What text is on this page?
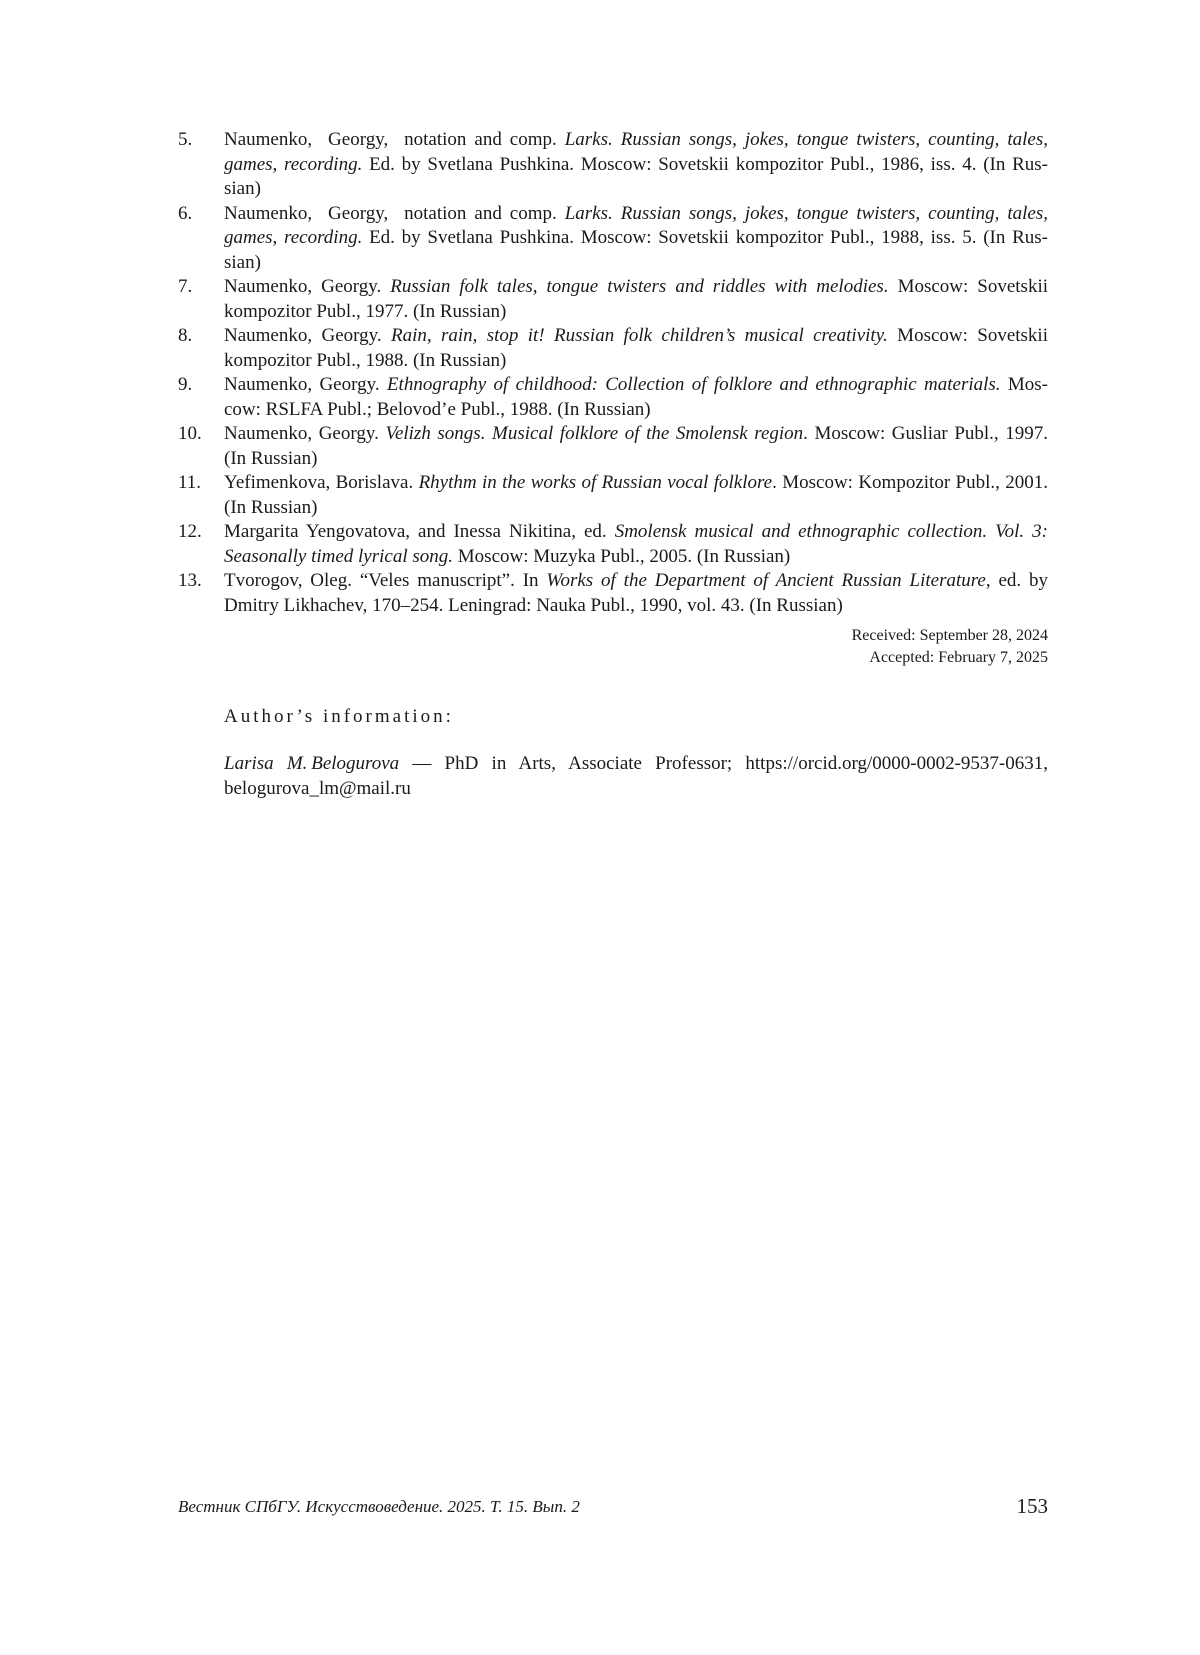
5. Naumenko,  Georgy,  notation and comp. Larks. Russian songs, jokes, tongue twisters, counting, tales, games, recording. Ed. by Svetlana Pushkina. Moscow: Sovetskii kompozitor Publ., 1986, iss. 4. (In Russian)
6. Naumenko,  Georgy,  notation and comp. Larks. Russian songs, jokes, tongue twisters, counting, tales, games, recording. Ed. by Svetlana Pushkina. Moscow: Sovetskii kompozitor Publ., 1988, iss. 5. (In Russian)
7. Naumenko, Georgy. Russian folk tales, tongue twisters and riddles with melodies. Moscow: Sovetskii kompozitor Publ., 1977. (In Russian)
8. Naumenko, Georgy. Rain, rain, stop it! Russian folk children’s musical creativity. Moscow: Sovetskii kompozitor Publ., 1988. (In Russian)
9. Naumenko, Georgy. Ethnography of childhood: Collection of folklore and ethnographic materials. Moscow: RSLFA Publ.; Belovod’e Publ., 1988. (In Russian)
10. Naumenko, Georgy. Velizh songs. Musical folklore of the Smolensk region. Moscow: Gusliar Publ., 1997. (In Russian)
11. Yefimenkova, Borislava. Rhythm in the works of Russian vocal folklore. Moscow: Kompozitor Publ., 2001. (In Russian)
12. Margarita Yengovatova, and Inessa Nikitina, ed. Smolensk musical and ethnographic collection. Vol. 3: Seasonally timed lyrical song. Moscow: Muzyka Publ., 2005. (In Russian)
13. Tvorogov, Oleg. “Veles manuscript”. In Works of the Department of Ancient Russian Literature, ed. by Dmitry Likhachev, 170–254. Leningrad: Nauka Publ., 1990, vol. 43. (In Russian)
Received: September 28, 2024
Accepted: February 7, 2025
Author’s information:
Larisa M. Belogurova — PhD in Arts, Associate Professor; https://orcid.org/0000-0002-9537-0631, belogurova_lm@mail.ru
Вестник СПбГУ. Искусствоведение. 2025. Т. 15. Вып. 2	153
